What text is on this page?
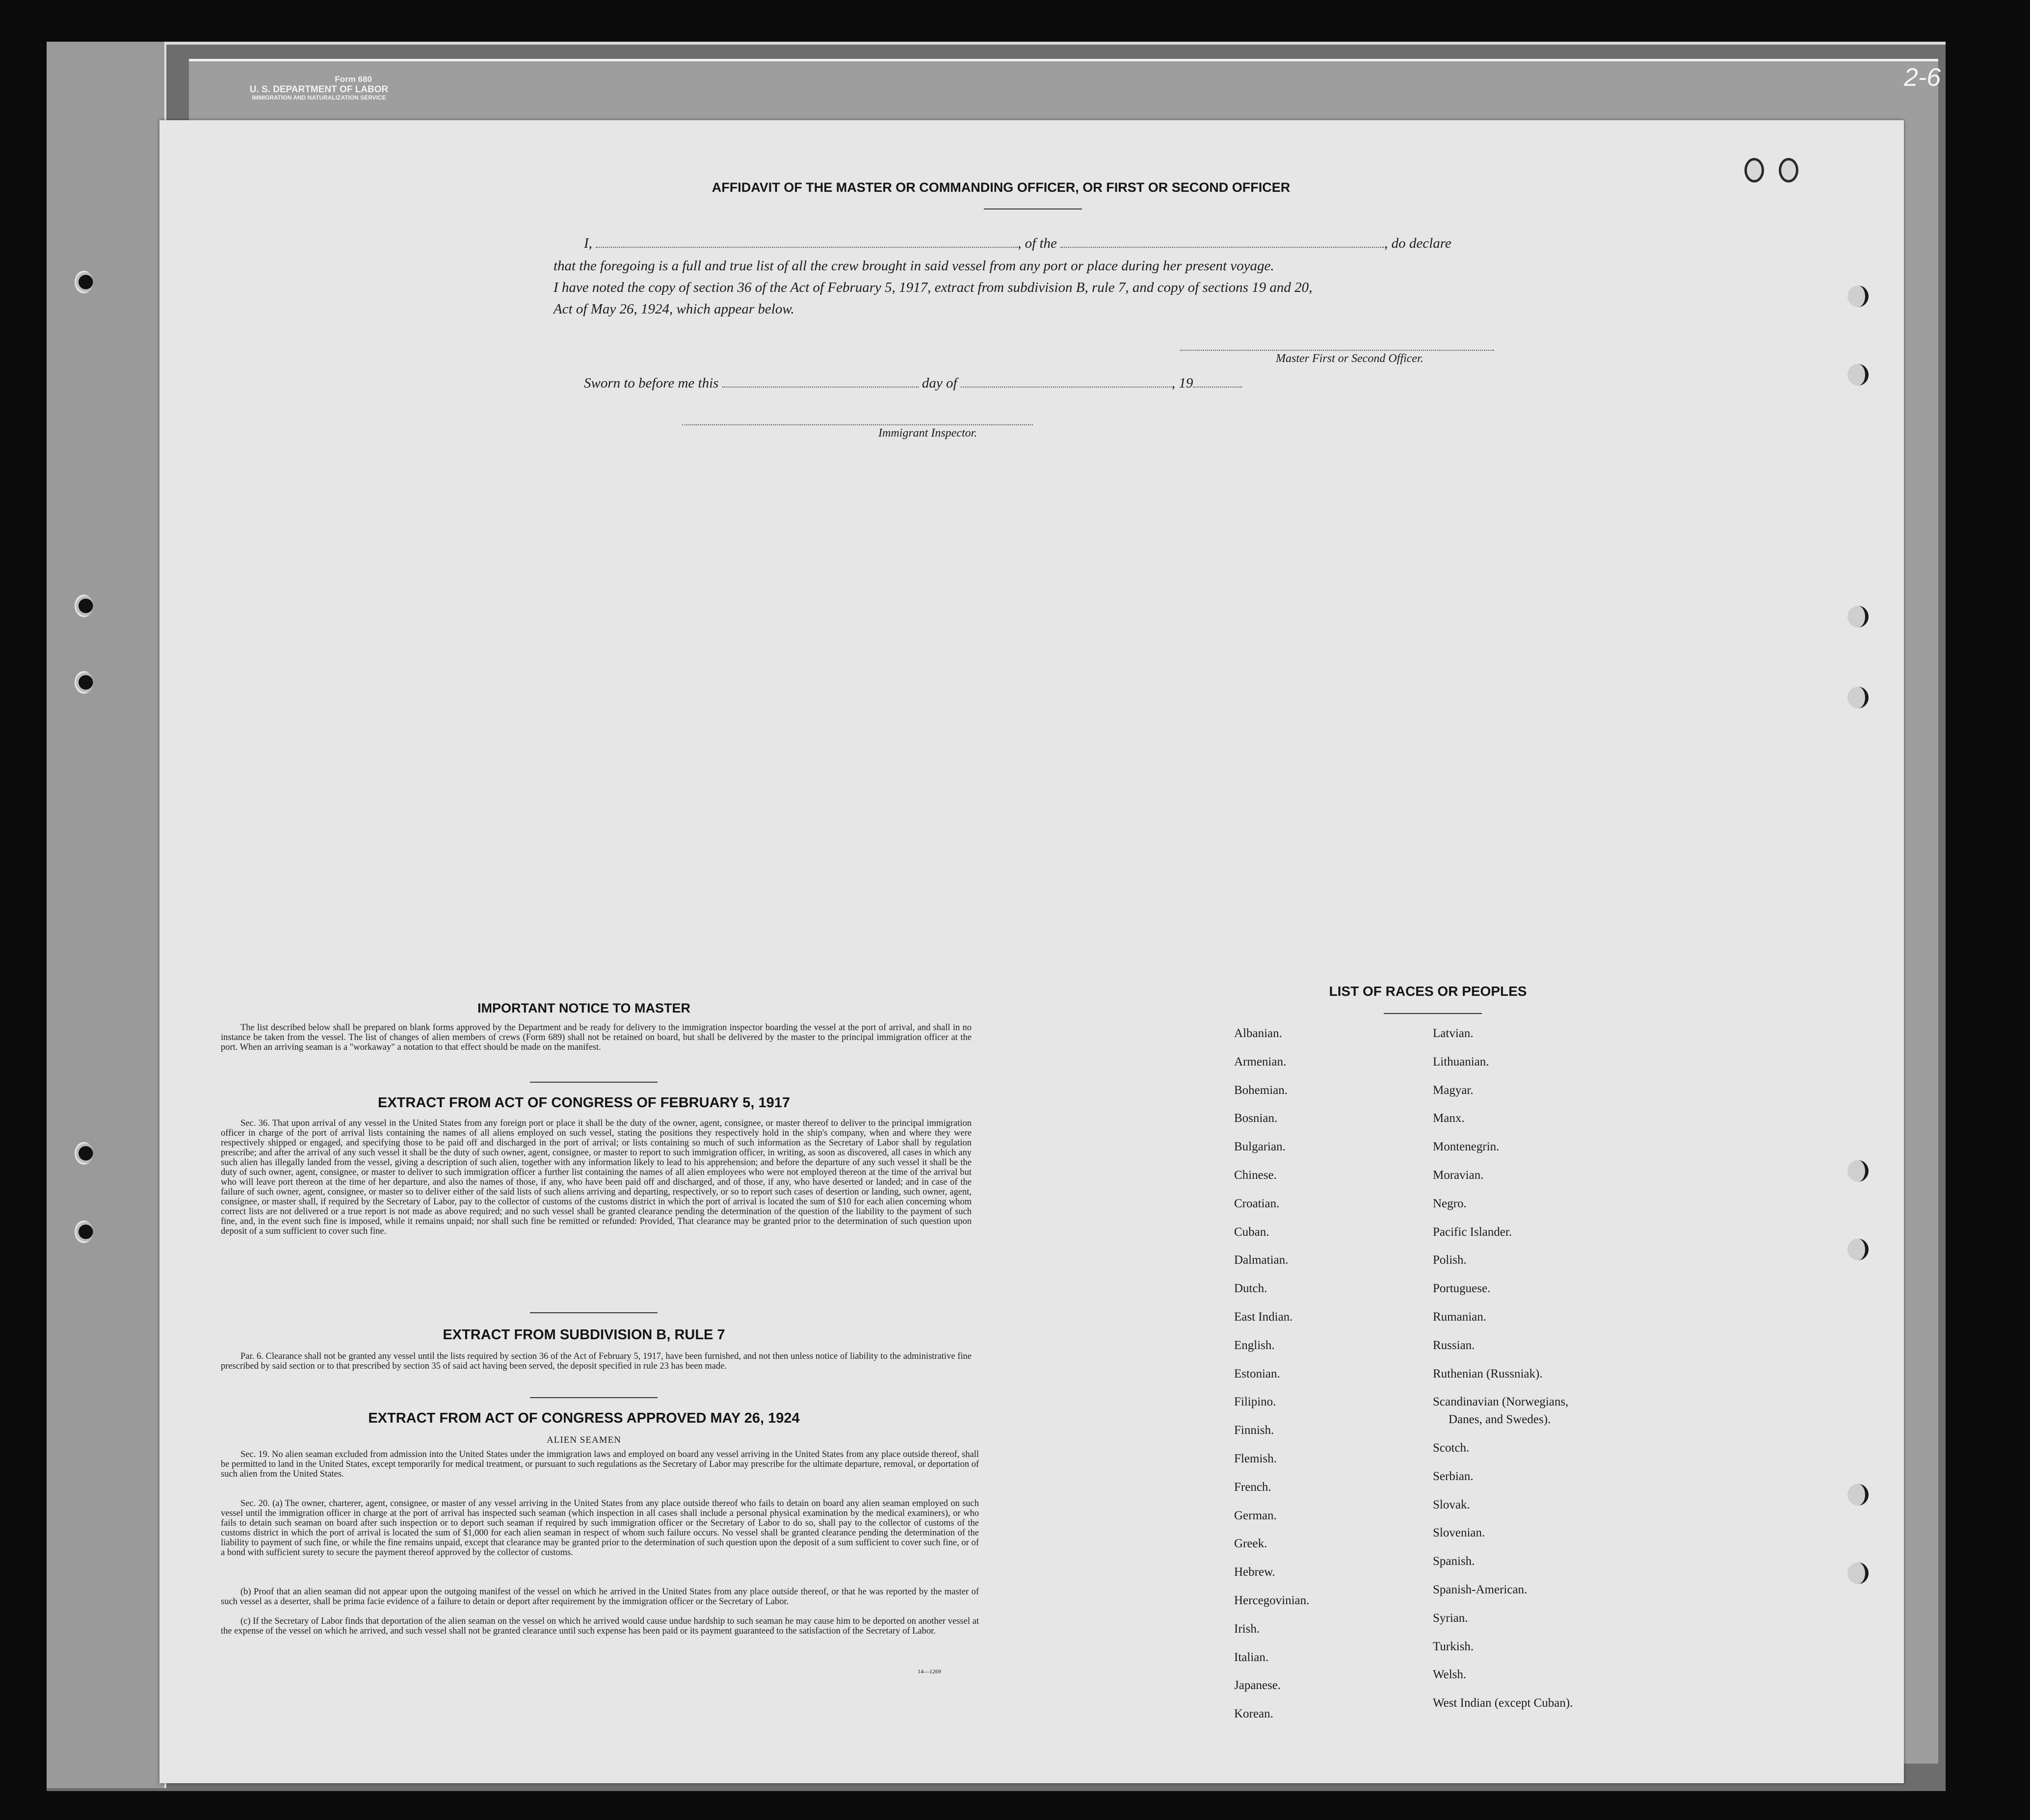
Form 680
U. S. DEPARTMENT OF LABOR
IMMIGRATION AND NATURALIZATION SERVICE
2-6
AFFIDAVIT OF THE MASTER OR COMMANDING OFFICER, OR FIRST OR SECOND OFFICER
I,	, of the	, do declare
that the foregoing is a full and true list of all the crew brought in said vessel from any port or place during her present voyage.
I have noted the copy of section 36 of the Act of February 5, 1917, extract from subdivision B, rule 7, and copy of sections 19 and 20,
Act of May 26, 1924, which appear below.
Master First or Second Officer.
Sworn to before me this	day of	, 19
Immigrant Inspector.
IMPORTANT NOTICE TO MASTER
The list described below shall be prepared on blank forms approved by the Department and be ready for delivery to the immigration inspector boarding the vessel at the port of arrival, and shall in no instance be taken from the vessel. The list of changes of alien members of crews (Form 689) shall not be retained on board, but shall be delivered by the master to the principal immigration officer at the port. When an arriving seaman is a "workaway" a notation to that effect should be made on the manifest.
EXTRACT FROM ACT OF CONGRESS OF FEBRUARY 5, 1917
Sec. 36. That upon arrival of any vessel in the United States from any foreign port or place it shall be the duty of the owner, agent, consignee, or master thereof to deliver to the principal immigration officer in charge of the port of arrival lists containing the names of all aliens employed on such vessel, stating the positions they respectively hold in the ship's company, when and where they were respectively shipped or engaged, and specifying those to be paid off and discharged in the port of arrival; or lists containing so much of such information as the Secretary of Labor shall by regulation prescribe; and after the arrival of any such vessel it shall be the duty of such owner, agent, consignee, or master to report to such immigration officer, in writing, as soon as discovered, all cases in which any such alien has illegally landed from the vessel, giving a description of such alien, together with any information likely to lead to his apprehension; and before the departure of any such vessel it shall be the duty of such owner, agent, consignee, or master to deliver to such immigration officer a further list containing the names of all alien employees who were not employed thereon at the time of the arrival but who will leave port thereon at the time of her departure, and also the names of those, if any, who have been paid off and discharged, and of those, if any, who have deserted or landed; and in case of the failure of such owner, agent, consignee, or master so to deliver either of the said lists of such aliens arriving and departing, respectively, or so to report such cases of desertion or landing, such owner, agent, consignee, or master shall, if required by the Secretary of Labor, pay to the collector of customs of the customs district in which the port of arrival is located the sum of $10 for each alien concerning whom correct lists are not delivered or a true report is not made as above required; and no such vessel shall be granted clearance pending the determination of the question of the liability to the payment of such fine, and, in the event such fine is imposed, while it remains unpaid; nor shall such fine be remitted or refunded: Provided, That clearance may be granted prior to the determination of such question upon deposit of a sum sufficient to cover such fine.
EXTRACT FROM SUBDIVISION B, RULE 7
Par. 6. Clearance shall not be granted any vessel until the lists required by section 36 of the Act of February 5, 1917, have been furnished, and not then unless notice of liability to the administrative fine prescribed by said section or to that prescribed by section 35 of said act having been served, the deposit specified in rule 23 has been made.
EXTRACT FROM ACT OF CONGRESS APPROVED MAY 26, 1924
ALIEN SEAMEN
Sec. 19. No alien seaman excluded from admission into the United States under the immigration laws and employed on board any vessel arriving in the United States from any place outside thereof, shall be permitted to land in the United States, except temporarily for medical treatment, or pursuant to such regulations as the Secretary of Labor may prescribe for the ultimate departure, removal, or deportation of such alien from the United States.
Sec. 20. (a) The owner, charterer, agent, consignee, or master of any vessel arriving in the United States from any place outside thereof who fails to detain on board any alien seaman employed on such vessel until the immigration officer in charge at the port of arrival has inspected such seaman (which inspection in all cases shall include a personal physical examination by the medical examiners), or who fails to detain such seaman on board after such inspection or to deport such seaman if required by such immigration officer or the Secretary of Labor to do so, shall pay to the collector of customs of the customs district in which the port of arrival is located the sum of $1,000 for each alien seaman in respect of whom such failure occurs. No vessel shall be granted clearance pending the determination of the liability to payment of such fine, or while the fine remains unpaid, except that clearance may be granted prior to the determination of such question upon the deposit of a sum sufficient to cover such fine, or of a bond with sufficient surety to secure the payment thereof approved by the collector of customs.
(b) Proof that an alien seaman did not appear upon the outgoing manifest of the vessel on which he arrived in the United States from any place outside thereof, or that he was reported by the master of such vessel as a deserter, shall be prima facie evidence of a failure to detain or deport after requirement by the immigration officer or the Secretary of Labor.
(c) If the Secretary of Labor finds that deportation of the alien seaman on the vessel on which he arrived would cause undue hardship to such seaman he may cause him to be deported on another vessel at the expense of the vessel on which he arrived, and such vessel shall not be granted clearance until such expense has been paid or its payment guaranteed to the satisfaction of the Secretary of Labor.
14—1269
LIST OF RACES OR PEOPLES
Albanian.
Armenian.
Bohemian.
Bosnian.
Bulgarian.
Chinese.
Croatian.
Cuban.
Dalmatian.
Dutch.
East Indian.
English.
Estonian.
Filipino.
Finnish.
Flemish.
French.
German.
Greek.
Hebrew.
Hercegovinian.
Irish.
Italian.
Japanese.
Korean.
Latvian.
Lithuanian.
Magyar.
Manx.
Montenegrin.
Moravian.
Negro.
Pacific Islander.
Polish.
Portuguese.
Rumanian.
Russian.
Ruthenian (Russniak).
Scandinavian (Norwegians,
Danes, and Swedes).
Scotch.
Serbian.
Slovak.
Slovenian.
Spanish.
Spanish-American.
Syrian.
Turkish.
Welsh.
West Indian (except Cuban).
